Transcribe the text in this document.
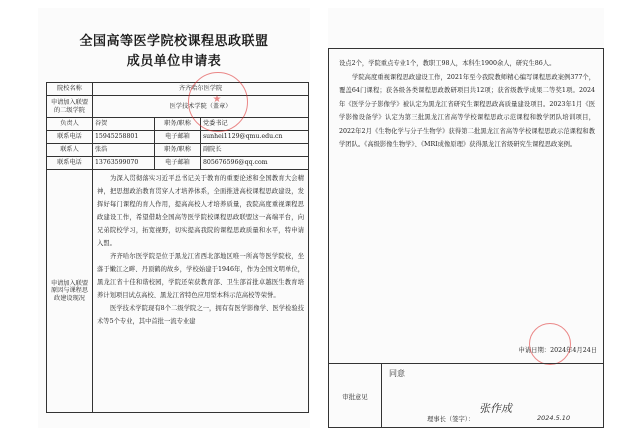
全国高等医学院校课程思政联盟
成员单位申请表
院校名称	齐齐哈尔医学院		
申请加入联盟的二级学院	医学技术学院（盖章）		
负责人	谷贺	职务/职称	党委书记
联系电话	15945258801	电子邮箱	sunhei1129@qmu.edu.cn
联系人	张浩	职务/职称	副院长
联系电话	13763599070	电子邮箱	805676596@qq.com
申请加入联盟原因与课程思政建设现况	为深入贯彻落实习近平总书记关于教育的重要论述和全国教育大会精神，把思想政治教育贯穿人才培养体系，全面推进高校课程思政建设，发挥好每门课程的育人作用，提高高校人才培养质量，我院高度重视课程思政建设工作，希望借助全国高等医学院校课程思政联盟这一高端平台，向兄弟院校学习，拓宽视野，切实提高我院的课程思政质量和水平，特申请入盟。

齐齐哈尔医学院是位于黑龙江省西北部地区唯一所高等医学院校，坐落于嫩江之畔、丹顶鹤的故乡，学校始建于1946年，作为全国文明单位，黑龙江省十佳和谐校园，学院还荣获教育部、卫生部首批卓越医生教育培养计划项目试点高校、黑龙江省特色应用型本科示范高校等荣誉。

医学技术学院现有8个二级学院之一，拥有有医学影像学、医学检验技术等5个专业，其中首批一流专业建		

★

设点2个，学院重点专业1个，教职工98人，本科生1900余人，研究生86人。

学院高度重视课程思政建设工作，2021年至今我院教师精心编写课程思政案例377个，覆盖64门课程；获各级各类课程思政教研项目共12项；获省级教学成果二等奖1项。2024年《医学分子影像学》被认定为黑龙江省研究生课程思政高质量建设项目。2023年1月《医学影像设备学》认定为第三批黑龙江省高等学校课程思政示范课程和教学团队培训项目，2022年2月《生物化学与分子生物学》获得第二批黑龙江省高等学校课程思政示范课程和教学团队。《高级影像生物学》、《MRI成像原理》获得黑龙江省级研究生课程思政案例。

申请日期：2024年4月24日
审批意见
同意
理事长（签字）：
张作成
2024.5.10
